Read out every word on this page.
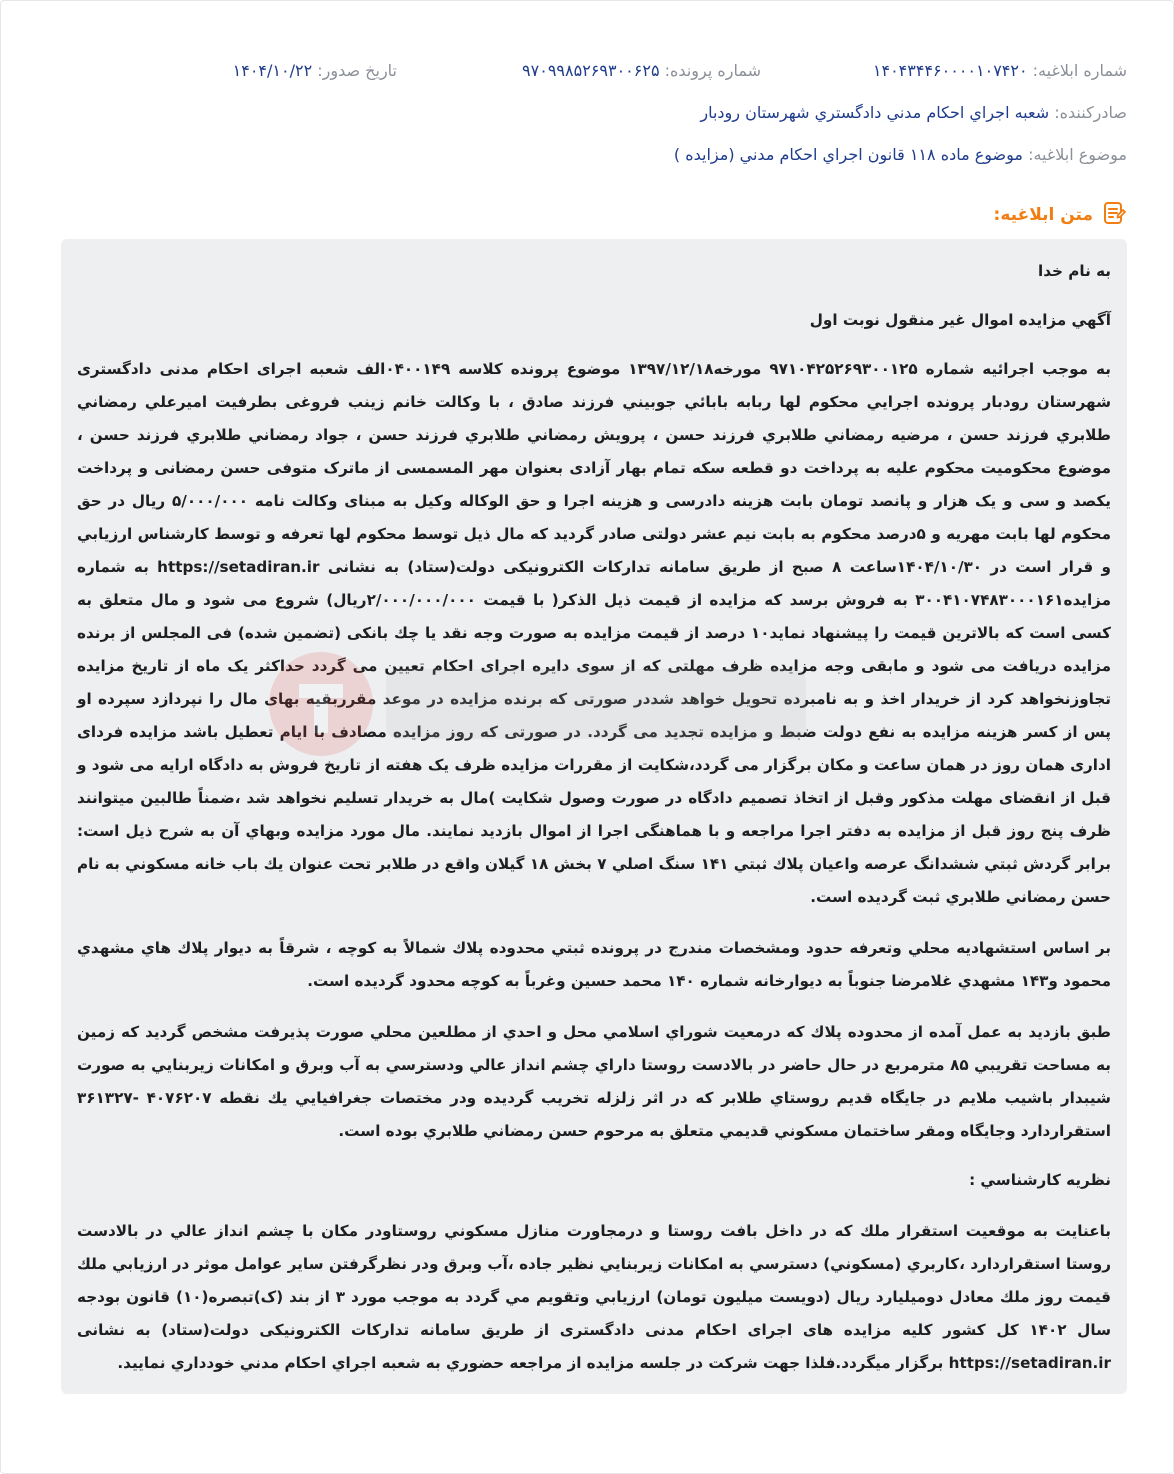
شماره ابلاغيه: ۱۴۰۴۳۴۴۶۰۰۰۰۱۰۷۴۲۰
شماره پرونده: ۹۷۰۹۹۸۵۲۶۹۳۰۰۶۲۵
تاريخ صدور: ۱۴۰۴/۱۰/۲۲
صادرکننده: شعبه اجراي احكام مدني دادگستري شهرستان رودبار
موضوع ابلاغيه: موضوع ماده ۱۱۸ قانون اجراي احكام مدني (مزايده )
متن ابلاغيه:

به نام خدا

آگهي مزايده اموال غير منقول نوبت اول

به موجب اجرائيه شماره ۹۷۱۰۴۲۵۲۶۹۳۰۰۱۲۵ مورخه۱۳۹۷/۱۲/۱۸ موضوع پرونده كلاسه ۰۴۰۰۱۴۹الف شعبه اجرای احکام مدنی دادگستری شهرستان رودبار پرونده اجرايي محكوم لها ربابه بابائي جوبيني فرزند صادق ، با وكالت خانم زینب فروغی بطرفيت اميرعلي رمضاني طلابري فرزند حسن ، مرضيه رمضاني طلابري فرزند حسن ، پرويش رمضاني طلابري فرزند حسن ، جواد رمضاني طلابري فرزند حسن ، موضوع محکومیت محكوم عليه به پرداخت دو قطعه سکه تمام بهار آزادی بعنوان مهر المسمسی از ماترک متوفی حسن رمضانی و پرداخت یکصد و سی و یک هزار و پانصد تومان بابت هزینه دادرسی و هزینه اجرا و حق الوکاله وکیل به مبنای وکالت نامه ۵/۰۰۰/۰۰۰ ریال در حق محکوم لها بابت مهریه و ۵درصد محکوم به بابت نيم عشر دولتی صادر گرديد كه مال ذيل توسط محكوم لها تعرفه و توسط كارشناس ارزيابي و قرار است در ۱۴۰۴/۱۰/۳۰ساعت ۸ صبح از طريق سامانه تداركات الكترونيكی دولت(ستاد) به نشانی https://setadiran.ir به شماره مزایده۳۰۰۴۱۰۷۴۸۳۰۰۰۱۶۱ به فروش برسد كه مزايده از قيمت ذيل الذكر( با قيمت ۲/۰۰۰/۰۰۰/۰۰۰ريال) شروع می شود و مال متعلق به كسی است كه بالاترين قيمت را پيشنهاد نمايد۱۰ درصد از قيمت مزايده به صورت وجه نقد يا چك بانكی (تضمين شده) فی المجلس از برنده مزايده دريافت می شود و مابقی وجه مزايده ظرف مهلتی كه از سوی دايره اجرای احكام تعيين می گردد حداكثر يک ماه از تاريخ مزايده تجاوزنخواهد كرد از خريدار اخذ و به نامبرده تحويل خواهد شددر صورتی كه برنده مزايده در موعد مقرربقيه بهای مال را نپردازد سپرده او پس از كسر هزينه مزايده به نفع دولت ضبط و مزايده تجديد می گردد. در صورتی كه روز مزايده مصادف با ايام تعطيل باشد مزايده فردای اداری همان روز در همان ساعت و مكان برگزار می گردد،شكايت از مقررات مزايده ظرف يک هفته از تاريخ فروش به دادگاه ارايه می شود و قبل از انقضای مهلت مذكور وقبل از اتخاذ تصميم دادگاه در صورت وصول شكايت )مال به خريدار تسليم نخواهد شد ،ضمناً طالبين ميتوانند ظرف پنج روز قبل از مزايده به دفتر اجرا مراجعه و با هماهنگی اجرا از اموال بازديد نمايند. مال مورد مزايده وبهاي آن به شرح ذيل است: برابر گردش ثبتي ششدانگ عرصه واعيان پلاك ثبتي ۱۴۱ سنگ اصلي ۷ بخش ۱۸ گيلان واقع در طلابر تحت عنوان يك باب خانه مسكوني به نام حسن رمضاني طلابري ثبت گرديده است.

بر اساس استشهاديه محلي وتعرفه حدود ومشخصات مندرج در پرونده ثبتي محدوده پلاك شمالاً به كوچه ، شرقاً به ديوار پلاك هاي مشهدي محمود و۱۴۳ مشهدي غلامرضا جنوباً به ديوارخانه شماره ۱۴۰ محمد حسين وغرباً به كوچه محدود گرديده است.

طبق بازديد به عمل آمده از محدوده پلاك كه درمعيت شوراي اسلامي محل و احدي از مطلعين محلي صورت پذيرفت مشخص گرديد كه زمين به مساحت تقريبي ۸۵ مترمربع در حال حاضر در بالادست روستا داراي چشم انداز عالي ودسترسي به آب وبرق و امكانات زيربنايي به صورت شيبدار باشيب ملايم در جايگاه قديم روستاي طلابر كه در اثر زلزله تخريب گرديده ودر مختصات جغرافيايي يك نقطه ۴۰۷۶۲۰۷ -۳۶۱۳۲۷ استقراردارد وجايگاه ومقر ساختمان مسكوني قديمي متعلق به مرحوم حسن رمضاني طلابري بوده است.

نظريه كارشناسي :

باعنايت به موقعيت استقرار ملك كه در داخل بافت روستا و درمجاورت منازل مسكوني روستاودر مكان با چشم انداز عالي در بالادست روستا استقراردارد ،كاربري (مسكوني) دسترسي به امكانات زيربنايي نظير جاده ،آب وبرق ودر نظرگرفتن ساير عوامل موثر در ارزيابي ملك قيمت روز ملك معادل دوميليارد ريال (دويست ميليون تومان) ارزيابي وتقويم مي گردد به موجب مورد ۳ از بند (ک)تبصره(۱۰) قانون بودجه سال ۱۴۰۲ کل کشور کلیه مزایده های اجرای احکام مدنی دادگستری از طریق سامانه تدارکات الکترونیکی دولت(ستاد) به نشانی https://setadiran.ir برگزار میگردد.فلذا جهت شركت در جلسه مزايده از مراجعه حضوري به شعبه اجراي احكام مدني خودداري نماييد.
